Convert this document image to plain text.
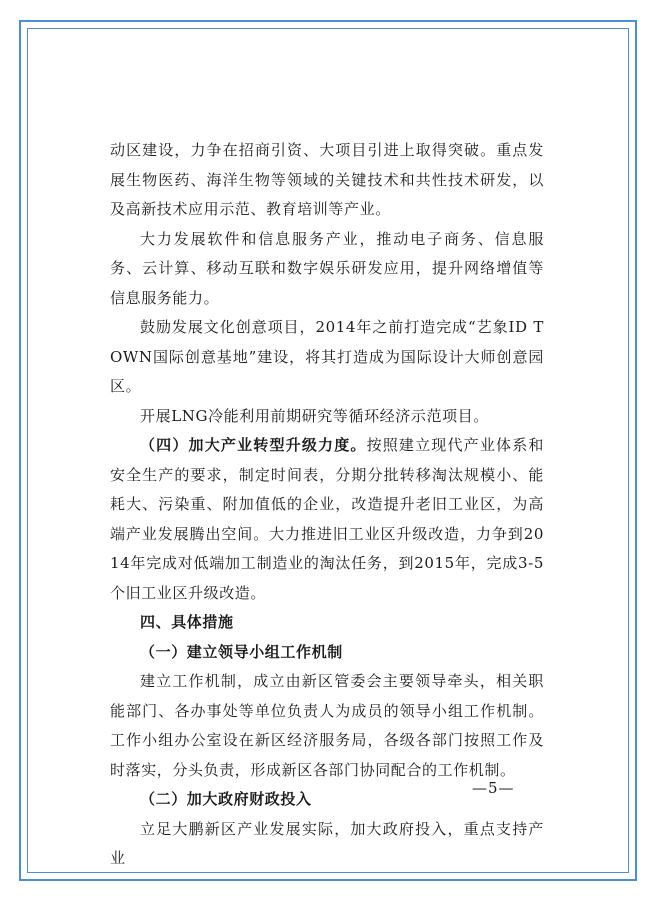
动区建设，力争在招商引资、大项目引进上取得突破。重点发展生物医药、海洋生物等领域的关键技术和共性技术研发，以及高新技术应用示范、教育培训等产业。

大力发展软件和信息服务产业，推动电子商务、信息服务、云计算、移动互联和数字娱乐研发应用，提升网络增值等信息服务能力。

鼓励发展文化创意项目，2014年之前打造完成“艺象ID TOWN国际创意基地”建设，将其打造成为国际设计大师创意园区。

开展LNG冷能利用前期研究等循环经济示范项目。

（四）加大产业转型升级力度。按照建立现代产业体系和安全生产的要求，制定时间表，分期分批转移淘汰规模小、能耗大、污染重、附加值低的企业，改造提升老旧工业区，为高端产业发展腾出空间。大力推进旧工业区升级改造，力争到2014年完成对低端加工制造业的淘汰任务，到2015年，完成3-5个旧工业区升级改造。

四、具体措施

（一）建立领导小组工作机制

建立工作机制，成立由新区管委会主要领导牵头，相关职能部门、各办事处等单位负责人为成员的领导小组工作机制。工作小组办公室设在新区经济服务局，各级各部门按照工作及时落实，分头负责，形成新区各部门协同配合的工作机制。

（二）加大政府财政投入

立足大鹏新区产业发展实际，加大政府投入，重点支持产业

—5—
